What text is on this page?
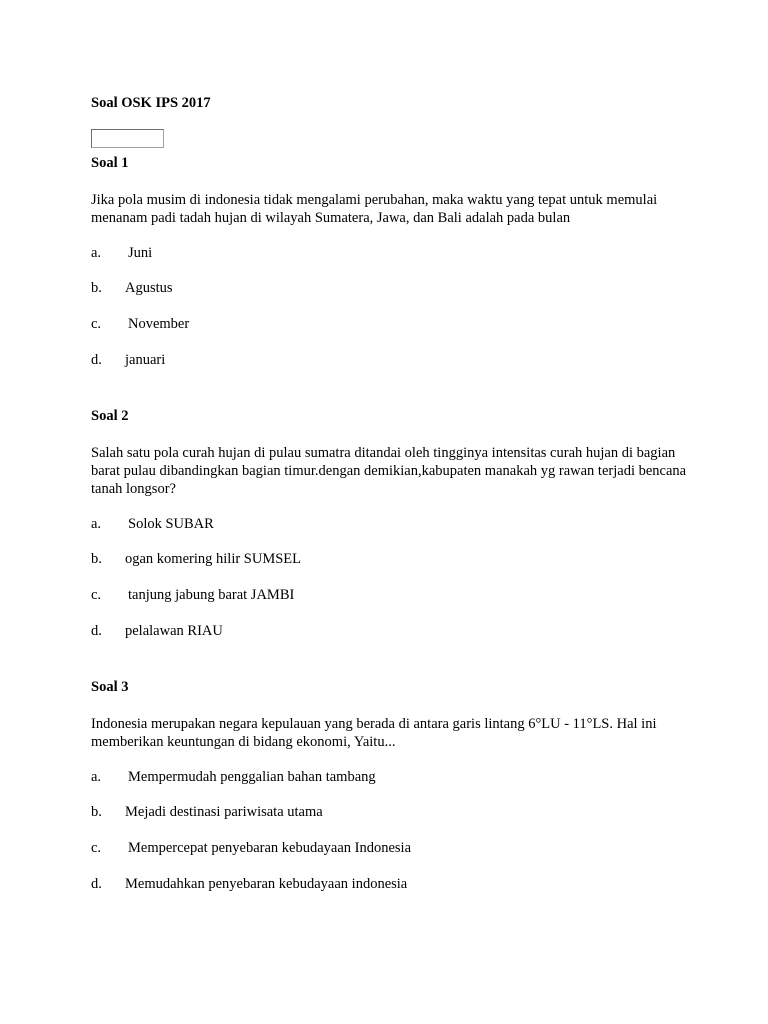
Soal OSK IPS 2017
Soal 1
Jika pola musim di indonesia tidak mengalami perubahan, maka waktu yang tepat untuk memulai menanam padi tadah hujan di wilayah Sumatera, Jawa, dan Bali adalah pada bulan
a. Juni
b. Agustus
c. November
d. januari
Soal 2
Salah satu pola curah hujan di pulau sumatra ditandai oleh tingginya intensitas curah hujan di bagian barat pulau dibandingkan bagian timur.dengan demikian,kabupaten manakah yg rawan terjadi bencana tanah longsor?
a. Solok SUBAR
b. ogan komering hilir SUMSEL
c. tanjung jabung barat JAMBI
d. pelalawan RIAU
Soal 3
Indonesia merupakan negara kepulauan yang berada di antara garis lintang 6°LU - 11°LS. Hal ini memberikan keuntungan di bidang ekonomi, Yaitu...
a. Mempermudah penggalian bahan tambang
b. Mejadi destinasi pariwisata utama
c. Mempercepat penyebaran kebudayaan Indonesia
d. Memudahkan penyebaran kebudayaan indonesia
